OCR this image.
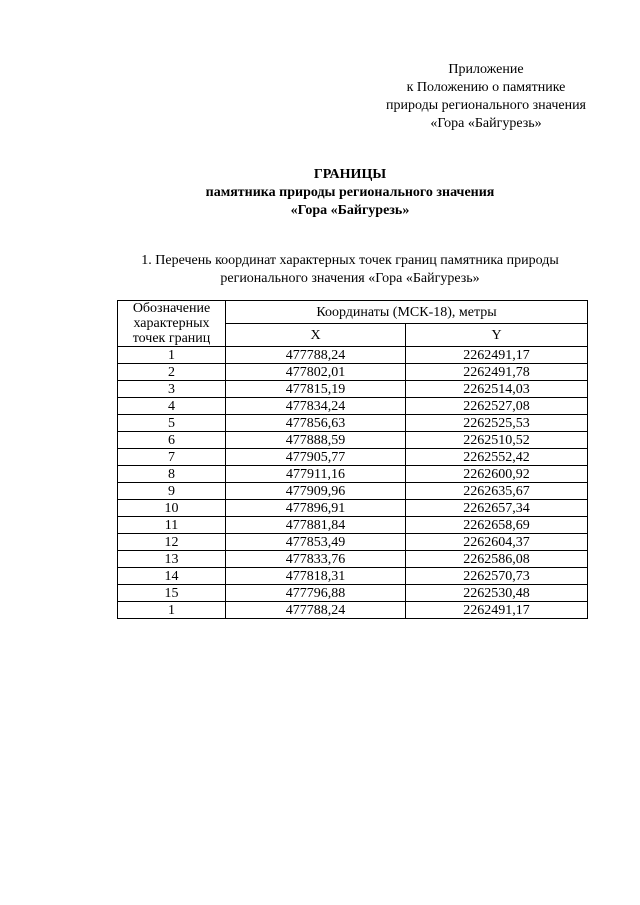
Приложение
к Положению о памятнике
природы регионального значения
«Гора «Байгурезь»
ГРАНИЦЫ
памятника природы регионального значения
«Гора «Байгурезь»
1. Перечень координат характерных точек границ памятника природы
регионального значения «Гора «Байгурезь»
Обозначение
характерных
точек границ	Координаты (МСК-18), метры	
	X	Y
1	477788,24	2262491,17
2	477802,01	2262491,78
3	477815,19	2262514,03
4	477834,24	2262527,08
5	477856,63	2262525,53
6	477888,59	2262510,52
7	477905,77	2262552,42
8	477911,16	2262600,92
9	477909,96	2262635,67
10	477896,91	2262657,34
11	477881,84	2262658,69
12	477853,49	2262604,37
13	477833,76	2262586,08
14	477818,31	2262570,73
15	477796,88	2262530,48
1	477788,24	2262491,17
